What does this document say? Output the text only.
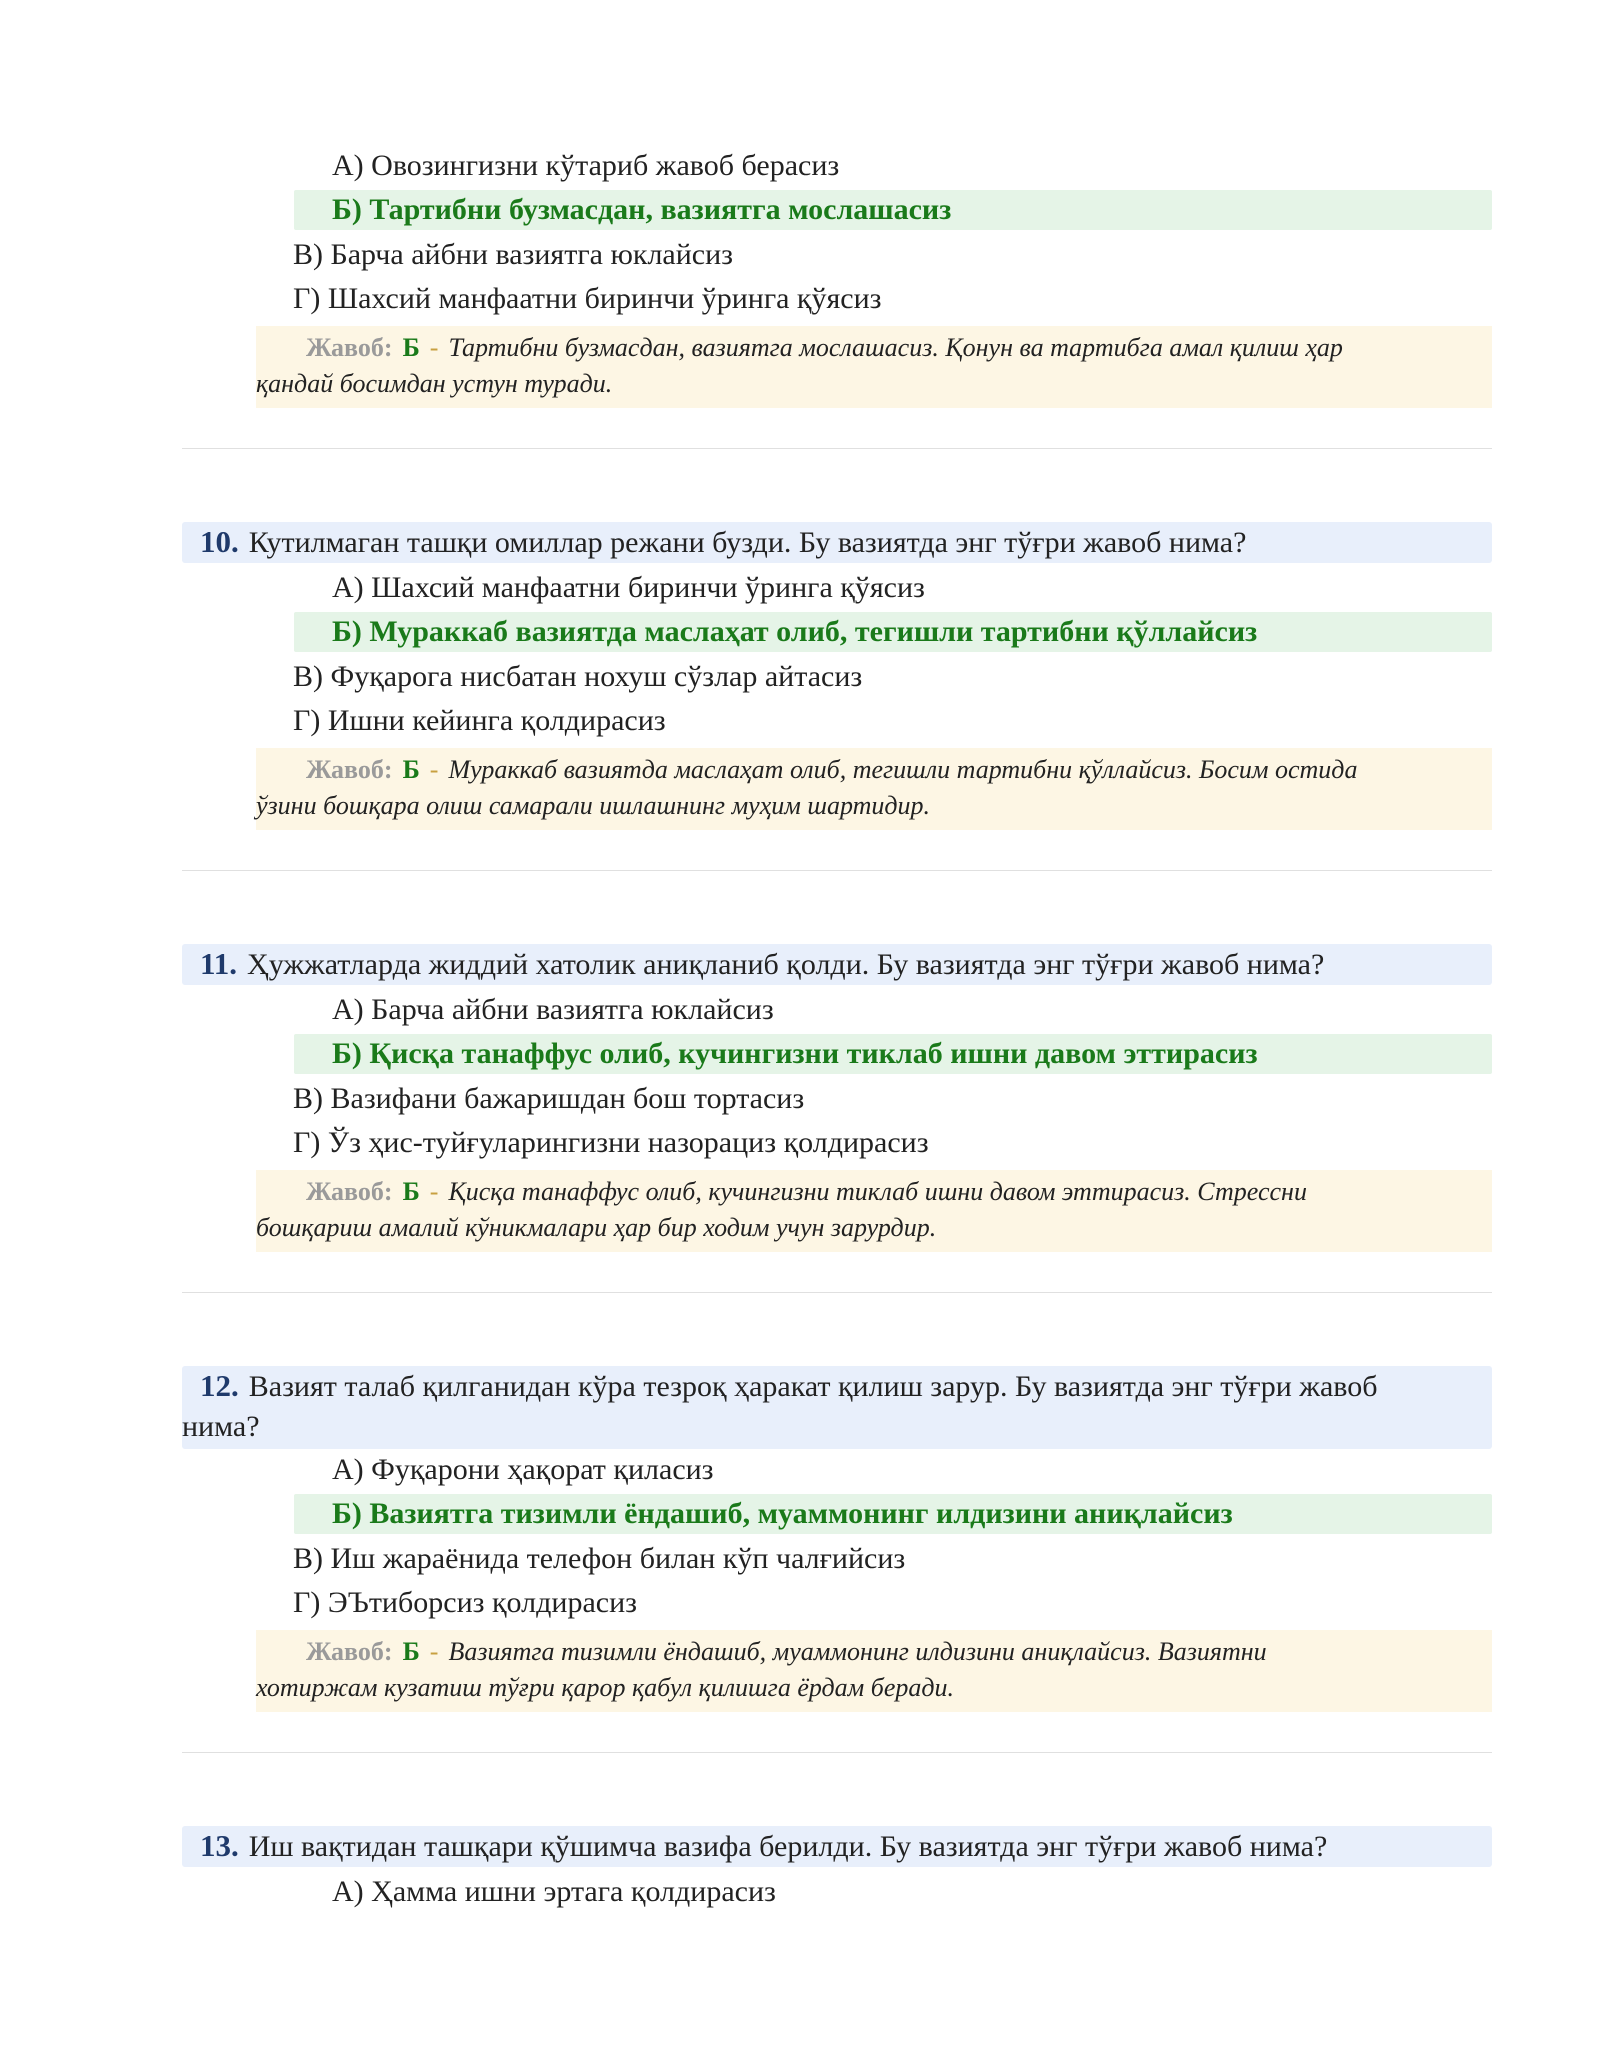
А) Овозингизни кўтариб жавоб берасиз
Б) Тартибни бузмасдан, вазиятга мослашасиз
В) Барча айбни вазиятга юклайсиз
Г) Шахсий манфаатни биринчи ўринга қўясиз
Жавоб: Б - Тартибни бузмасдан, вазиятга мослашасиз. Қонун ва тартибга амал қилиш ҳар
қандай босимдан устун туради.
10. Кутилмаган ташқи омиллар режани бузди. Бу вазиятда энг тўғри жавоб нима?
А) Шахсий манфаатни биринчи ўринга қўясиз
Б) Мураккаб вазиятда маслаҳат олиб, тегишли тартибни қўллайсиз
В) Фуқарога нисбатан нохуш сўзлар айтасиз
Г) Ишни кейинга қолдирасиз
Жавоб: Б - Мураккаб вазиятда маслаҳат олиб, тегишли тартибни қўллайсиз. Босим остида
ўзини бошқара олиш самарали ишлашнинг муҳим шартидир.
11. Ҳужжатларда жиддий хатолик аниқланиб қолди. Бу вазиятда энг тўғри жавоб нима?
А) Барча айбни вазиятга юклайсиз
Б) Қисқа танаффус олиб, кучингизни тиклаб ишни давом эттирасиз
В) Вазифани бажаришдан бош тортасиз
Г) Ўз ҳис-туйғуларингизни назорациз қолдирасиз
Жавоб: Б - Қисқа танаффус олиб, кучингизни тиклаб ишни давом эттирасиз. Стрессни
бошқариш амалий кўникмалари ҳар бир ходим учун зарурдир.
12. Вазият талаб қилганидан кўра тезроқ ҳаракат қилиш зарур. Бу вазиятда энг тўғри жавоб
нима?
А) Фуқарони ҳақорат қиласиз
Б) Вазиятга тизимли ёндашиб, муаммонинг илдизини аниқлайсиз
В) Иш жараёнида телефон билан кўп чалғийсиз
Г) ЭЪтиборсиз қолдирасиз
Жавоб: Б - Вазиятга тизимли ёндашиб, муаммонинг илдизини аниқлайсиз. Вазиятни
хотиржам кузатиш тўғри қарор қабул қилишга ёрдам беради.
13. Иш вақтидан ташқари қўшимча вазифа берилди. Бу вазиятда энг тўғри жавоб нима?
А) Ҳамма ишни эртага қолдирасиз
